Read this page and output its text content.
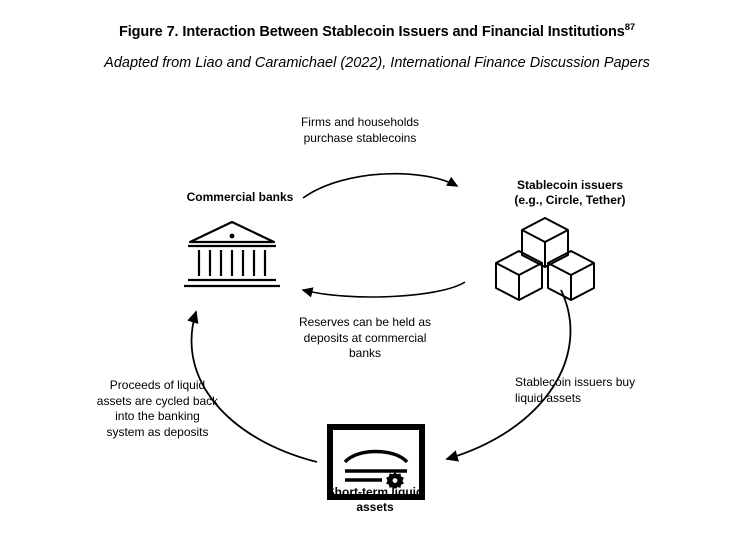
Figure 7. Interaction Between Stablecoin Issuers and Financial Institutions$^{87}$
Adapted from Liao and Caramichael (2022), International Finance Discussion Papers
Commercial banks
Stablecoin issuers
(e.g., Circle, Tether)
Short-term liquid
assets
Firms and households
purchase stablecoins
Reserves can be held as
deposits at commercial
banks
Stablecoin issuers buy
liquid assets
Proceeds of liquid
assets are cycled back
into the banking
system as deposits
